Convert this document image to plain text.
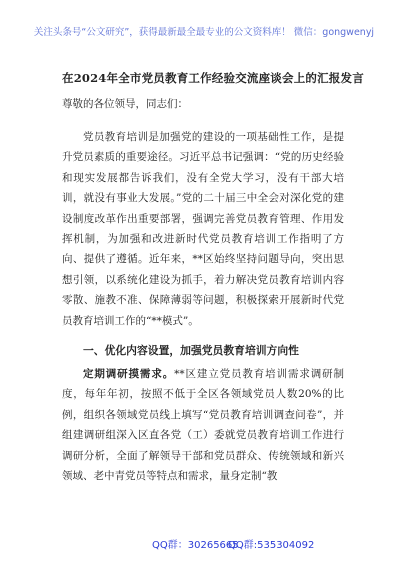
关注头条号“公文研究”，获得最新最全最专业的公文资料库！ 微信：gongwenyj
在2024年全市党员教育工作经验交流座谈会上的汇报发言
尊敬的各位领导，同志们：

党员教育培训是加强党的建设的一项基础性工作，是提升党员素质的重要途径。习近平总书记强调：“党的历史经验和现实发展都告诉我们，没有全党大学习，没有干部大培训，就没有事业大发展。”党的二十届三中全会对深化党的建设制度改革作出重要部署，强调完善党员教育管理、作用发挥机制，为加强和改进新时代党员教育培训工作指明了方向、提供了遵循。近年来，**区始终坚持问题导向，突出思想引领，以系统化建设为抓手，着力解决党员教育培训内容零散、施教不准、保障薄弱等问题，积极探索开展新时代党员教育培训工作的“**模式”。

一、优化内容设置，加强党员教育培训方向性

定期调研摸需求。**区建立党员教育培训需求调研制度，每年年初，按照不低于全区各领域党员人数20%的比例，组织各领域党员线上填写“党员教育培训调查问卷”，并组建调研组深入区直各党（工）委就党员教育培训工作进行调研分析，全面了解领导干部和党员群众、传统领域和新兴领域、老中青党员等特点和需求，量身定制“教

QQ群：30265665
QQ群:535304092
